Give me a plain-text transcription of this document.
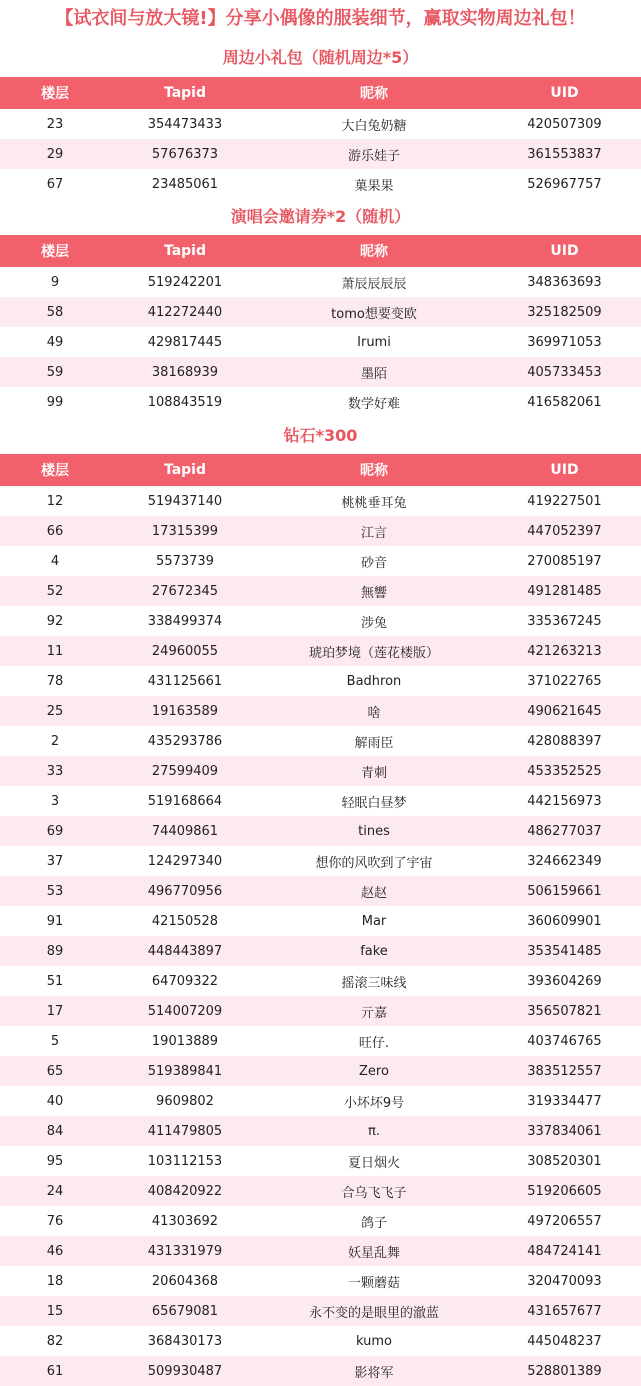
【试衣间与放大镜!】分享小偶像的服装细节，赢取实物周边礼包！
周边小礼包（随机周边*5）
楼层	Tapid	昵称	UID
23	354473433	大白兔奶糖	420507309
29	57676373	游乐娃子	361553837
67	23485061	菓果果	526967757
演唱会邀请券*2（随机）
楼层	Tapid	昵称	UID
9	519242201	萧辰辰辰辰	348363693
58	412272440	tomo想要变欧	325182509
49	429817445	Irumi	369971053
59	38168939	墨陌	405733453
99	108843519	数学好难	416582061
钻石*300
楼层	Tapid	昵称	UID
12	519437140	桃桃垂耳兔	419227501
66	17315399	江言	447052397
4	5573739	砂音	270085197
52	27672345	無響	491281485
92	338499374	涉兔	335367245
11	24960055	琥珀梦境（莲花楼版）	421263213
78	431125661	Badhron	371022765
25	19163589	啥	490621645
2	435293786	解雨臣	428088397
33	27599409	青刺	453352525
3	519168664	轻眠白昼梦	442156973
69	74409861	tines	486277037
37	124297340	想你的风吹到了宇宙	324662349
53	496770956	赵赵	506159661
91	42150528	Mar	360609901
89	448443897	fake	353541485
51	64709322	摇滚三味线	393604269
17	514007209	亓嘉	356507821
5	19013889	旺仔.	403746765
65	519389841	Zero	383512557
40	9609802	小坏坏9号	319334477
84	411479805	π.	337834061
95	103112153	夏日烟火	308520301
24	408420922	合乌飞飞子	519206605
76	41303692	鸽子	497206557
46	431331979	妖星乱舞	484724141
18	20604368	一颗蘑菇	320470093
15	65679081	永不变的是眼里的澈蓝	431657677
82	368430173	kumo	445048237
61	509930487	影将军	528801389
